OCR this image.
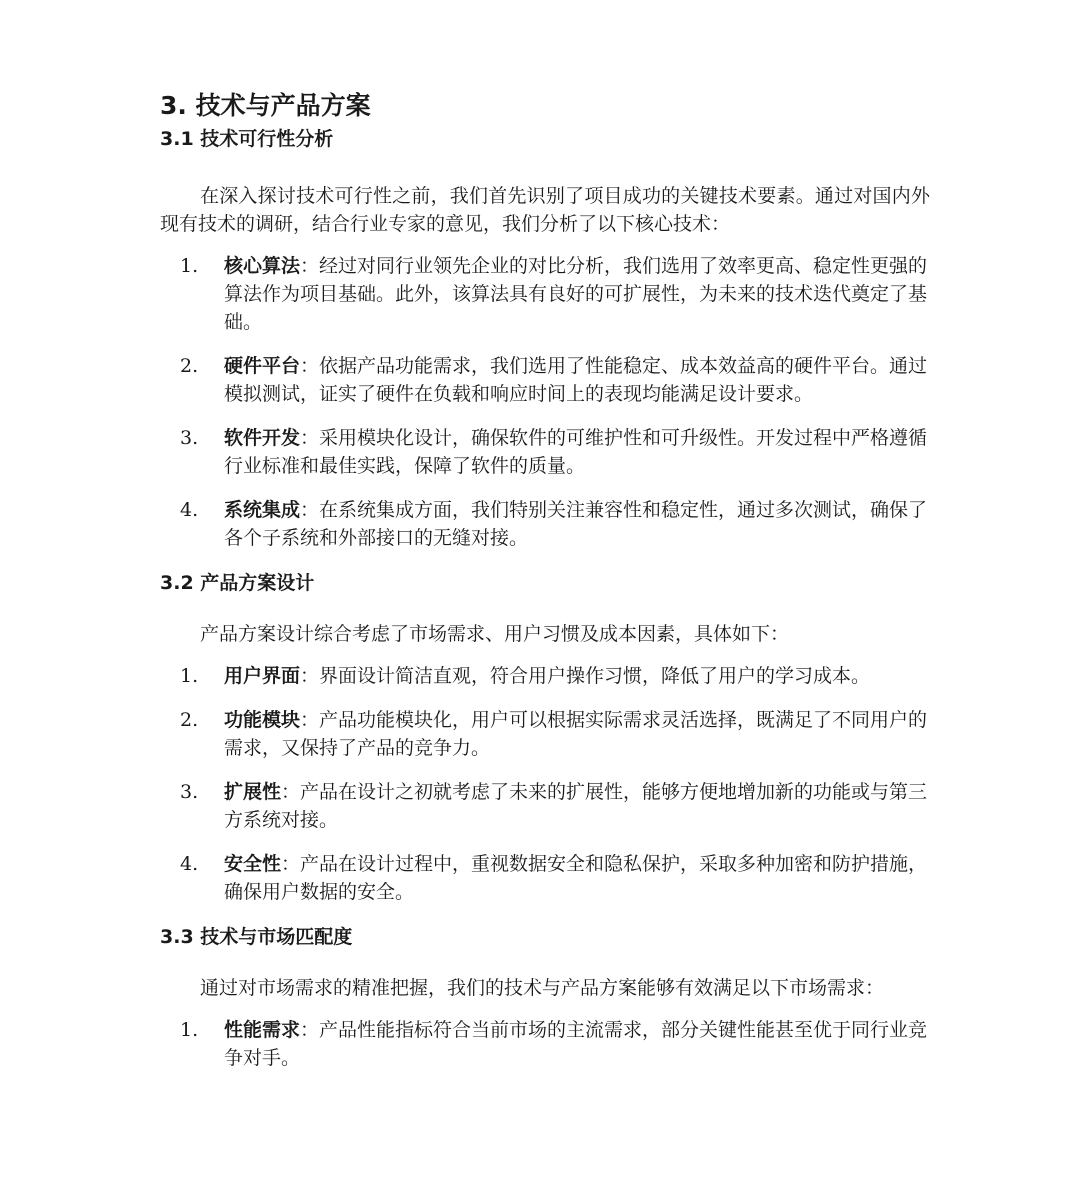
3. 技术与产品方案
3.1 技术可行性分析

在深入探讨技术可行性之前，我们首先识别了项目成功的关键技术要素。通过对国内外现有技术的调研，结合行业专家的意见，我们分析了以下核心技术：

1. 核心算法：经过对同行业领先企业的对比分析，我们选用了效率更高、稳定性更强的算法作为项目基础。此外，该算法具有良好的可扩展性，为未来的技术迭代奠定了基础。
2. 硬件平台：依据产品功能需求，我们选用了性能稳定、成本效益高的硬件平台。通过模拟测试，证实了硬件在负载和响应时间上的表现均能满足设计要求。
3. 软件开发：采用模块化设计，确保软件的可维护性和可升级性。开发过程中严格遵循行业标准和最佳实践，保障了软件的质量。
4. 系统集成：在系统集成方面，我们特别关注兼容性和稳定性，通过多次测试，确保了各个子系统和外部接口的无缝对接。
3.2 产品方案设计

产品方案设计综合考虑了市场需求、用户习惯及成本因素，具体如下：

1. 用户界面：界面设计简洁直观，符合用户操作习惯，降低了用户的学习成本。
2. 功能模块：产品功能模块化，用户可以根据实际需求灵活选择，既满足了不同用户的需求，又保持了产品的竞争力。
3. 扩展性：产品在设计之初就考虑了未来的扩展性，能够方便地增加新的功能或与第三方系统对接。
4. 安全性：产品在设计过程中，重视数据安全和隐私保护，采取多种加密和防护措施，确保用户数据的安全。
3.3 技术与市场匹配度

通过对市场需求的精准把握，我们的技术与产品方案能够有效满足以下市场需求：

1. 性能需求：产品性能指标符合当前市场的主流需求，部分关键性能甚至优于同行业竞争对手。
